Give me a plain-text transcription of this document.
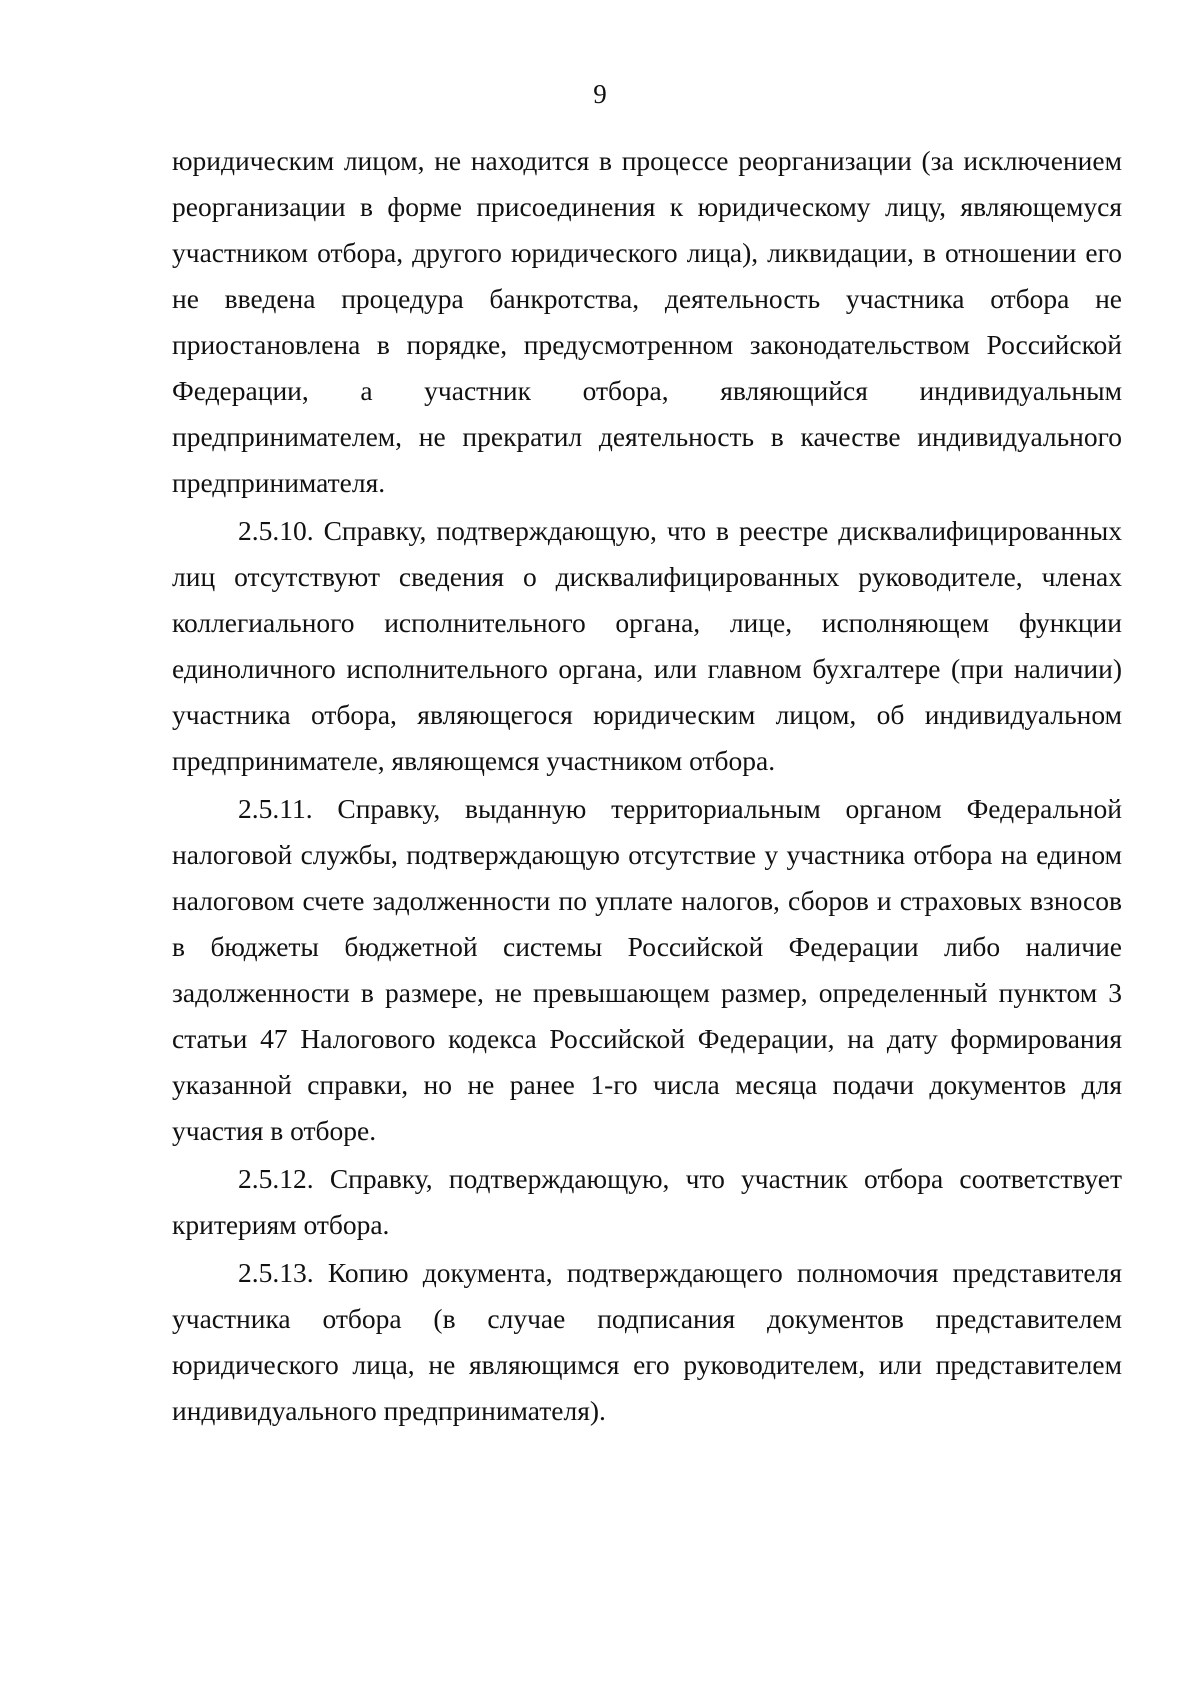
9

юридическим лицом, не находится в процессе реорганизации (за исключением реорганизации в форме присоединения к юридическому лицу, являющемуся участником отбора, другого юридического лица), ликвидации, в отношении его не введена процедура банкротства, деятельность участника отбора не приостановлена в порядке, предусмотренном законодательством Российской Федерации, а участник отбора, являющийся индивидуальным предпринимателем, не прекратил деятельность в качестве индивидуального предпринимателя.

2.5.10. Справку, подтверждающую, что в реестре дисквалифицированных лиц отсутствуют сведения о дисквалифицированных руководителе, членах коллегиального исполнительного органа, лице, исполняющем функции единоличного исполнительного органа, или главном бухгалтере (при наличии) участника отбора, являющегося юридическим лицом, об индивидуальном предпринимателе, являющемся участником отбора.

2.5.11. Справку, выданную территориальным органом Федеральной налоговой службы, подтверждающую отсутствие у участника отбора на едином налоговом счете задолженности по уплате налогов, сборов и страховых взносов в бюджеты бюджетной системы Российской Федерации либо наличие задолженности в размере, не превышающем размер, определенный пунктом 3 статьи 47 Налогового кодекса Российской Федерации, на дату формирования указанной справки, но не ранее 1-го числа месяца подачи документов для участия в отборе.

2.5.12. Справку, подтверждающую, что участник отбора соответствует критериям отбора.

2.5.13. Копию документа, подтверждающего полномочия представителя участника отбора (в случае подписания документов представителем юридического лица, не являющимся его руководителем, или представителем индивидуального предпринимателя).
